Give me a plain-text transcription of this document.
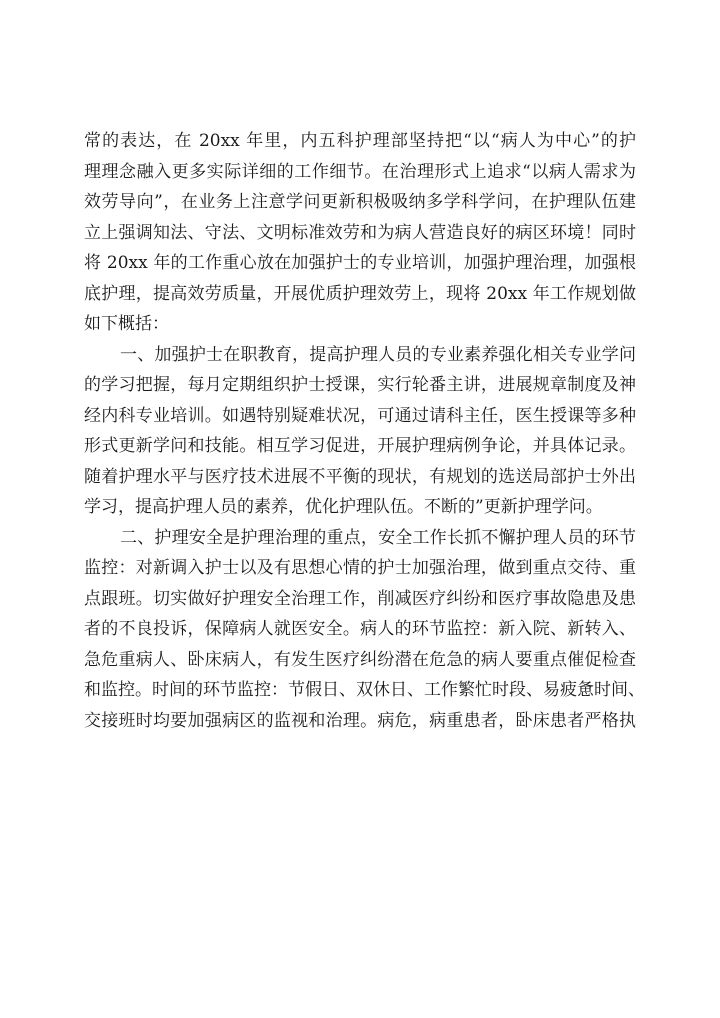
常的表达，在 20xx 年里，内五科护理部坚持把“以“病人为中心”的护
理理念融入更多实际详细的工作细节。在治理形式上追求“以病人需求为
效劳导向”，在业务上注意学问更新积极吸纳多学科学问，在护理队伍建
立上强调知法、守法、文明标准效劳和为病人营造良好的病区环境！同时
将 20xx 年的工作重心放在加强护士的专业培训，加强护理治理，加强根
底护理，提高效劳质量，开展优质护理效劳上，现将 20xx 年工作规划做
如下概括：
一、加强护士在职教育，提高护理人员的专业素养强化相关专业学问
的学习把握，每月定期组织护士授课，实行轮番主讲，进展规章制度及神
经内科专业培训。如遇特别疑难状况，可通过请科主任，医生授课等多种
形式更新学问和技能。相互学习促进，开展护理病例争论，并具体记录。
随着护理水平与医疗技术进展不平衡的现状，有规划的选送局部护士外出
学习，提高护理人员的素养，优化护理队伍。不断的”更新护理学问。
二、护理安全是护理治理的重点，安全工作长抓不懈护理人员的环节
监控：对新调入护士以及有思想心情的护士加强治理，做到重点交待、重
点跟班。切实做好护理安全治理工作，削减医疗纠纷和医疗事故隐患及患
者的不良投诉，保障病人就医安全。病人的环节监控：新入院、新转入、
急危重病人、卧床病人，有发生医疗纠纷潜在危急的病人要重点催促检查
和监控。时间的环节监控：节假日、双休日、工作繁忙时段、易疲惫时间、
交接班时均要加强病区的监视和治理。病危，病重患者，卧床患者严格执
